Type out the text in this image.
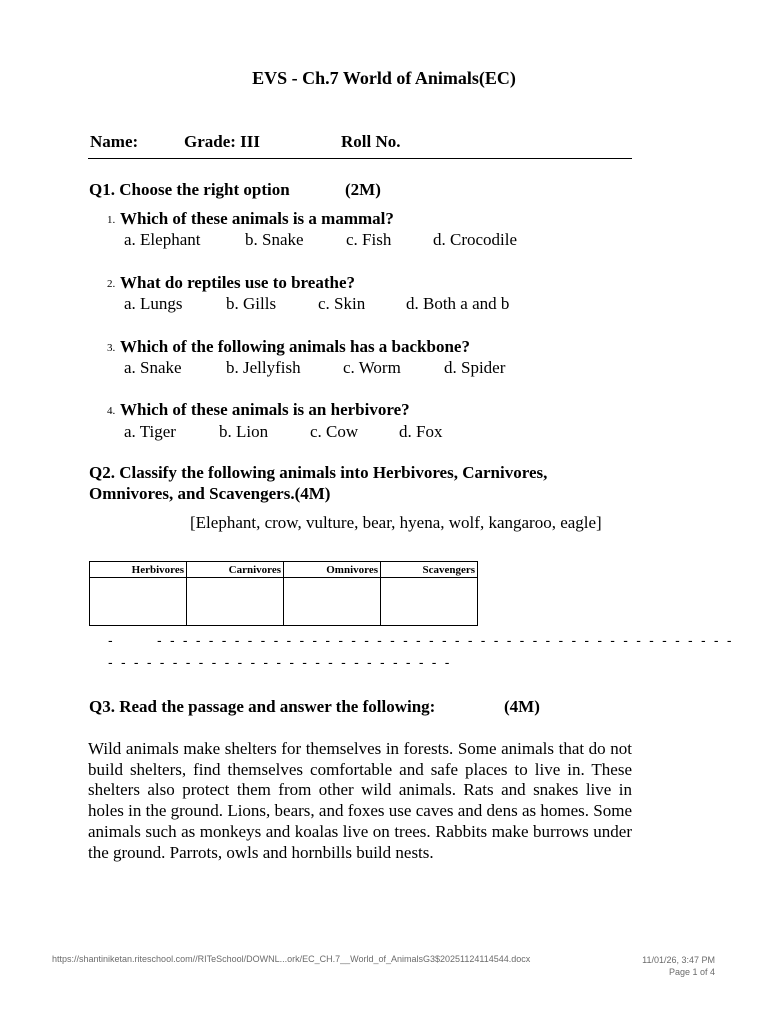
EVS - Ch.7 World of Animals(EC)
Name:	Grade: III	Roll No.
Q1. Choose the right option	(2M)
1. Which of these animals is a mammal?
a. Elephant	b. Snake c. Fish d. Crocodile
2. What do reptiles use to breathe?
a. Lungs	b. Gills c. Skin d. Both a and b
3. Which of the following animals has a backbone?
a. Snake	b. Jellyfish c. Worm	d. Spider
4. Which of these animals is an herbivore?
a. Tiger	b. Lion c. Cow d. Fox
Q2. Classify the following animals into Herbivores, Carnivores, Omnivores, and Scavengers.(4M)
[Elephant, crow, vulture, bear, hyena, wolf, kangaroo, eagle]
Herbivores	Carnivores	Omnivores	Scavengers

-	- - - - - - - - - - - - - - - - - - - - - - - - - - - - - - - - - - - - - - - - - - - - -
- - - - - - - - - - - - - - - - - - - - - - - - - - -
Q3. Read the passage and answer the following:	(4M)
Wild animals make shelters for themselves in forests. Some animals that do not build shelters, find themselves comfortable and safe places to live in. These shelters also protect them from other wild animals. Rats and snakes live in holes in the ground. Lions, bears, and foxes use caves and dens as homes. Some animals such as monkeys and koalas live on trees. Rabbits make burrows under the ground. Parrots, owls and hornbills build nests.
https://shantiniketan.riteschool.com//RITeSchool/DOWNL...ork/EC_CH.7__World_of_AnimalsG3$20251124114544.docx	11/01/26, 3:47 PM
Page 1 of 4
